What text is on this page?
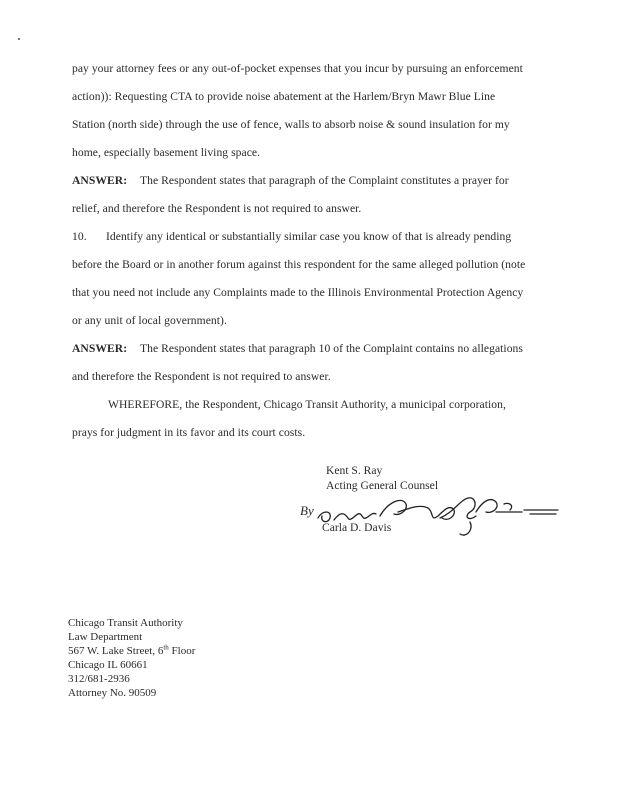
pay your attorney fees or any out-of-pocket expenses that you incur by pursuing an enforcement
action)): Requesting CTA to provide noise abatement at the Harlem/Bryn Mawr Blue Line
Station (north side) through the use of fence, walls to absorb noise & sound insulation for my
home, especially basement living space.
ANSWER: The Respondent states that paragraph of the Complaint constitutes a prayer for
relief, and therefore the Respondent is not required to answer.
10. Identify any identical or substantially similar case you know of that is already pending
before the Board or in another forum against this respondent for the same alleged pollution (note
that you need not include any Complaints made to the Illinois Environmental Protection Agency
or any unit of local government).
ANSWER: The Respondent states that paragraph 10 of the Complaint contains no allegations
and therefore the Respondent is not required to answer.
WHEREFORE, the Respondent, Chicago Transit Authority, a municipal corporation,
prays for judgment in its favor and its court costs.
Kent S. Ray
Acting General Counsel
By
Carla D. Davis
Chicago Transit Authority
Law Department
567 W. Lake Street, 6th Floor
Chicago IL 60661
312/681-2936
Attorney No. 90509
